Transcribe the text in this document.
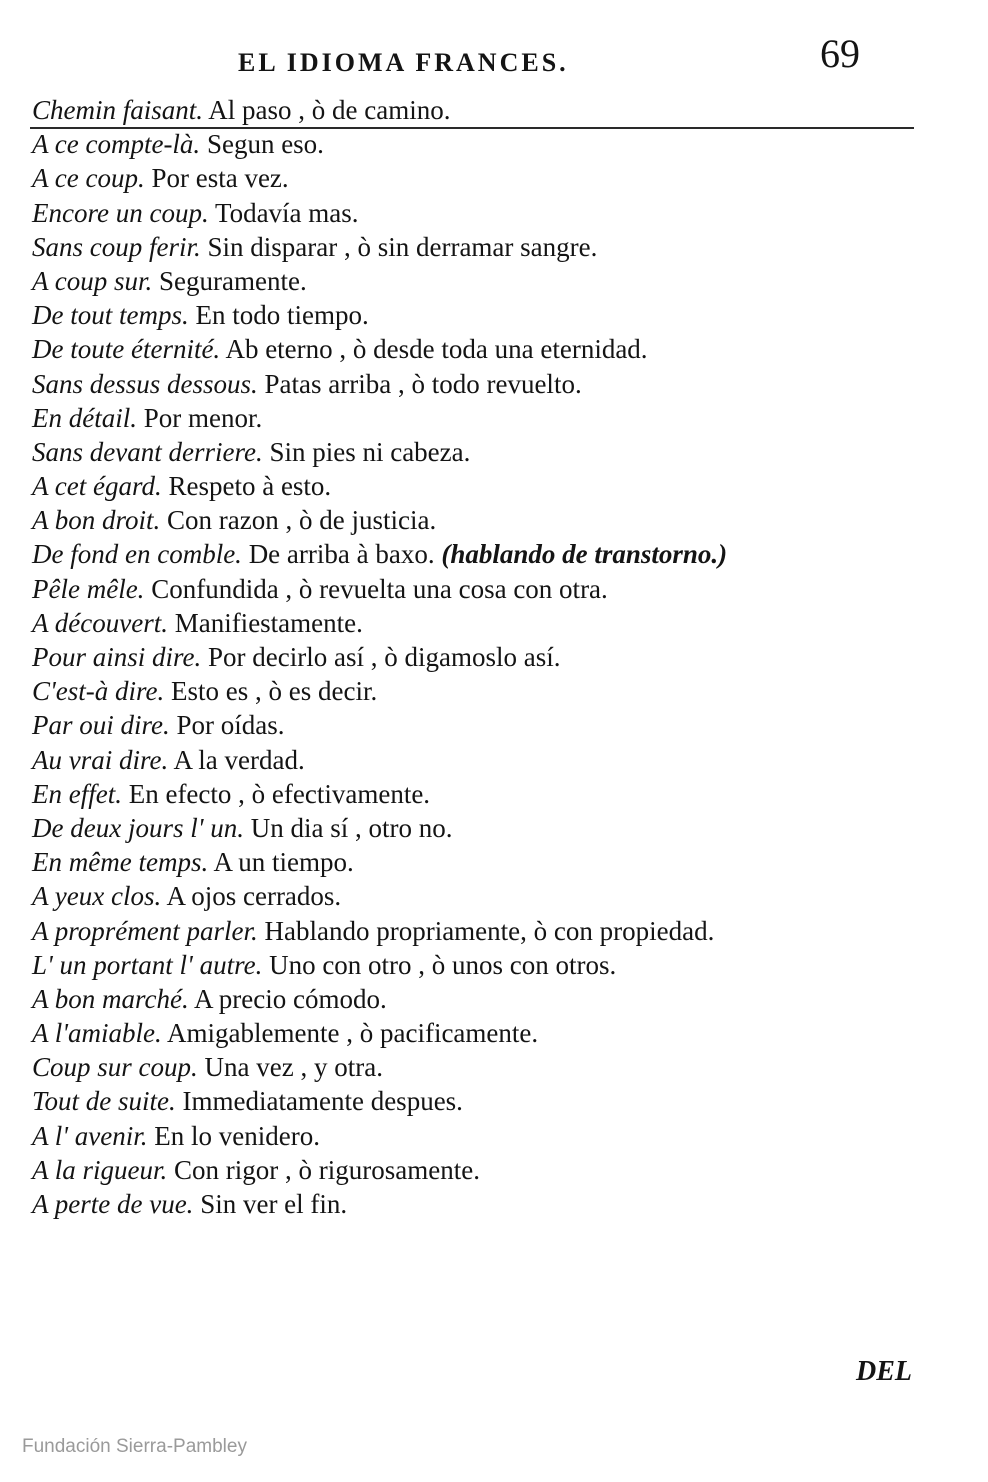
EL IDIOMA FRANCES.	69
Chemin faisant. Al paso , ò de camino.
A ce compte-là. Segun eso.
A ce coup. Por esta vez.
Encore un coup. Todavía mas.
Sans coup ferir. Sin disparar , ò sin derramar sangre.
A coup sur. Seguramente.
De tout temps. En todo tiempo.
De toute éternité. Ab eterno , ò desde toda una eternidad.
Sans dessus dessous. Patas arriba , ò todo revuelto.
En détail. Por menor.
Sans devant derriere. Sin pies ni cabeza.
A cet égard. Respeto à esto.
A bon droit. Con razon , ò de justicia.
De fond en comble. De arriba à baxo. (hablando de transtorno.)
Pêle mêle. Confundida , ò revuelta una cosa con otra.
A découvert. Manifiestamente.
Pour ainsi dire. Por decirlo así , ò digamoslo así.
C'est-à dire. Esto es , ò es decir.
Par oui dire. Por oídas.
Au vrai dire. A la verdad.
En effet. En efecto , ò efectivamente.
De deux jours l' un. Un dia sí , otro no.
En même temps. A un tiempo.
A yeux clos. A ojos cerrados.
A proprément parler. Hablando propriamente, ò con propiedad.
L' un portant l' autre. Uno con otro , ò unos con otros.
A bon marché. A precio cómodo.
A l'amiable. Amigablemente , ò pacificamente.
Coup sur coup. Una vez , y otra.
Tout de suite. Immediatamente despues.
A l' avenir. En lo venidero.
A la rigueur. Con rigor , ò rigurosamente.
A perte de vue. Sin ver el fin.
DEL
Fundación Sierra-Pambley
